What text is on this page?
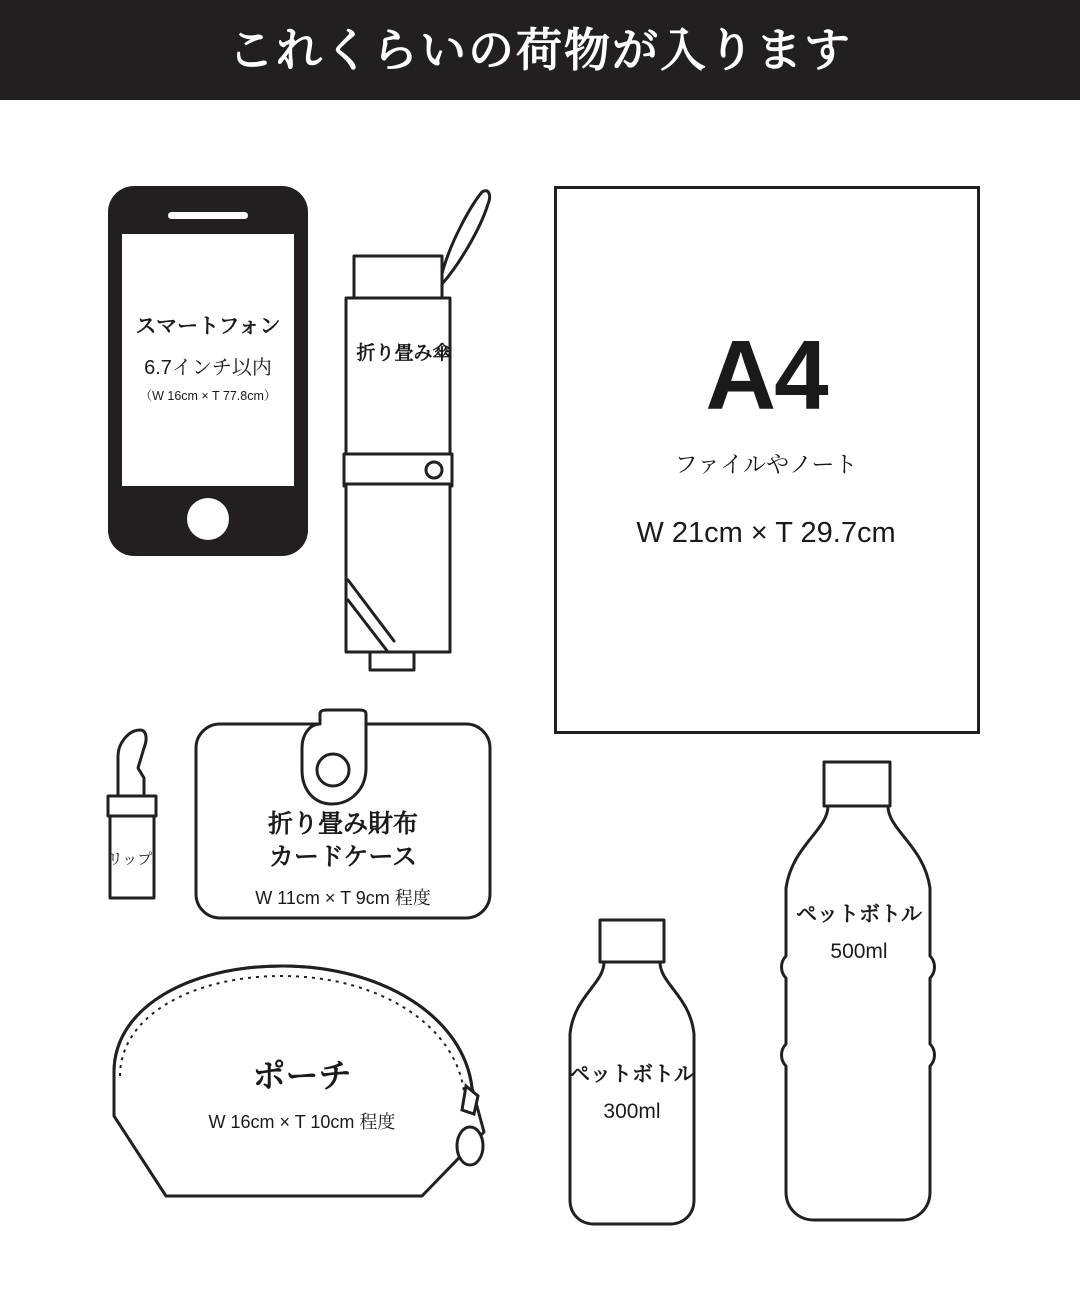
これくらいの荷物が入ります
スマートフォン
6.7インチ以内
（W 16cm × T 77.8cm）
折り畳み傘	A4
ファイルやノート
W 21cm × T 29.7cm
リップ
折り畳み財布
カードケース
W 11cm × T 9cm 程度
ポーチ
W 16cm × T 10cm 程度
ペットボトル
300ml
ペットボトル
500ml
